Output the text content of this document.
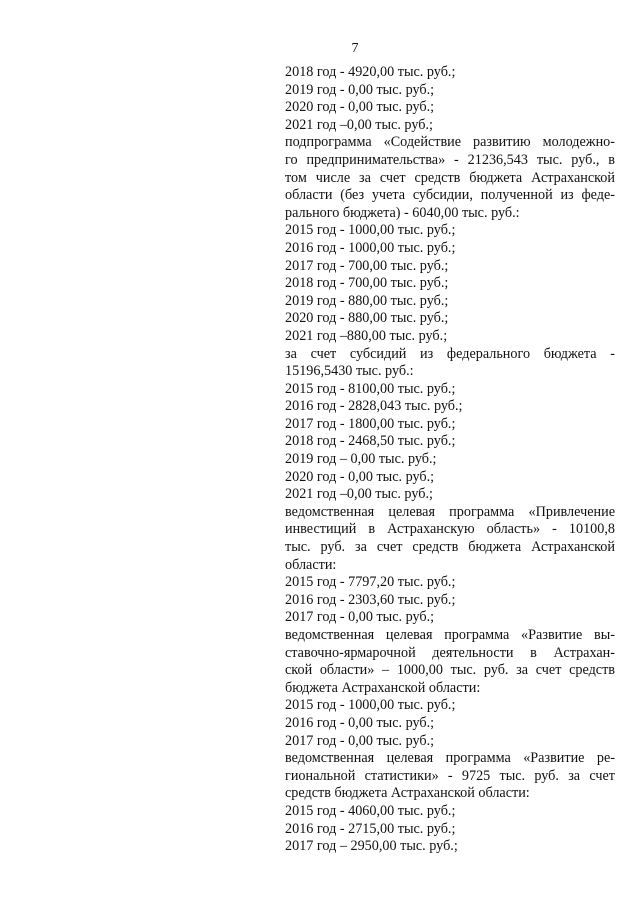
7
2018 год - 4920,00 тыс. руб.;
2019 год - 0,00 тыс. руб.;
2020 год - 0,00 тыс. руб.;
2021 год –0,00 тыс. руб.;
подпрограмма «Содействие развитию молодежно-
го предпринимательства» - 21236,543 тыс. руб., в
том числе за счет средств бюджета Астраханской
области (без учета субсидии, полученной из феде-
рального бюджета) - 6040,00 тыс. руб.:
2015 год - 1000,00 тыс. руб.;
2016 год - 1000,00 тыс. руб.;
2017 год - 700,00 тыс. руб.;
2018 год - 700,00 тыс. руб.;
2019 год - 880,00 тыс. руб.;
2020 год - 880,00 тыс. руб.;
2021 год –880,00 тыс. руб.;
за счет субсидий из федерального бюджета -
15196,5430 тыс. руб.:
2015 год - 8100,00 тыс. руб.;
2016 год - 2828,043 тыс. руб.;
2017 год - 1800,00 тыс. руб.;
2018 год - 2468,50 тыс. руб.;
2019 год – 0,00 тыс. руб.;
2020 год - 0,00 тыс. руб.;
2021 год –0,00 тыс. руб.;
ведомственная целевая программа «Привлечение
инвестиций в Астраханскую область» - 10100,8
тыс. руб. за счет средств бюджета Астраханской
области:
2015 год - 7797,20 тыс. руб.;
2016 год - 2303,60 тыс. руб.;
2017 год - 0,00 тыс. руб.;
ведомственная целевая программа «Развитие вы-
ставочно-ярмарочной деятельности в Астрахан-
ской области» – 1000,00 тыс. руб. за счет средств
бюджета Астраханской области:
2015 год - 1000,00 тыс. руб.;
2016 год - 0,00 тыс. руб.;
2017 год - 0,00 тыс. руб.;
ведомственная целевая программа «Развитие ре-
гиональной статистики» - 9725 тыс. руб. за счет
средств бюджета Астраханской области:
2015 год - 4060,00 тыс. руб.;
2016 год - 2715,00 тыс. руб.;
2017 год – 2950,00 тыс. руб.;
